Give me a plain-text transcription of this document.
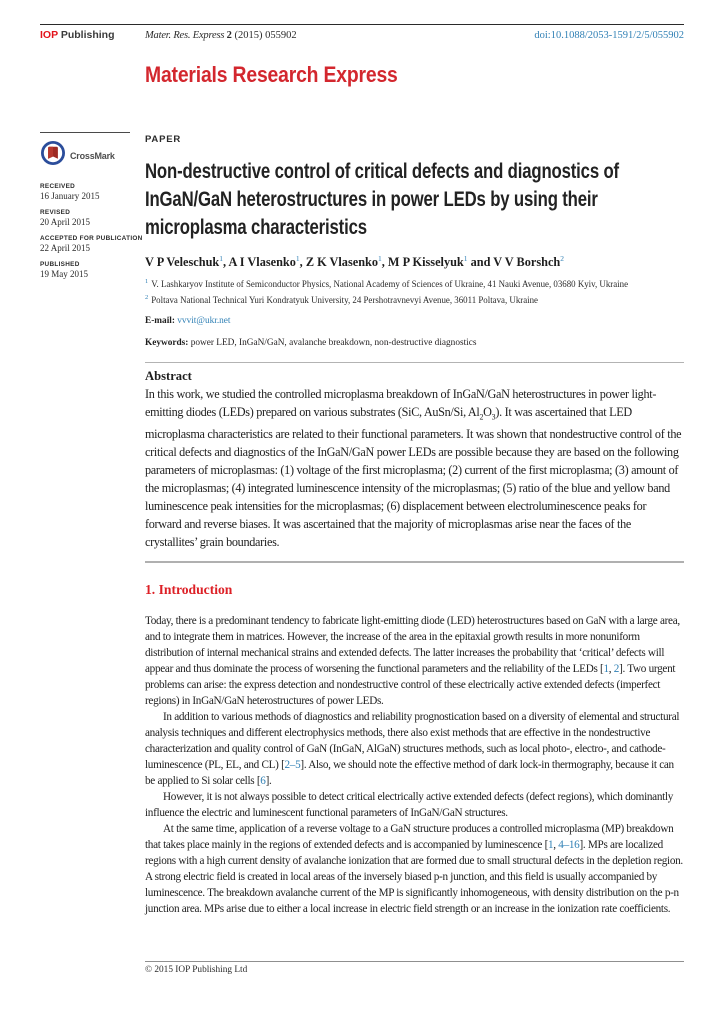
IOP Publishing	Mater. Res. Express 2 (2015) 055902	doi:10.1088/2053-1591/2/5/055902
Materials Research Express
CrossMark
RECEIVED
16 January 2015
REVISED
20 April 2015
ACCEPTED FOR PUBLICATION
22 April 2015
PUBLISHED
19 May 2015
PAPER
Non-destructive control of critical defects and diagnostics of InGaN/GaN heterostructures in power LEDs by using their microplasma characteristics
V P Veleschuk$^1$, A I Vlasenko$^1$, Z K Vlasenko$^1$, M P Kisselyuk$^1$ and V V Borshch$^2$
$^1$ V. Lashkaryov Institute of Semiconductor Physics, National Academy of Sciences of Ukraine, 41 Nauki Avenue, 03680 Kyiv, Ukraine
$^2$ Poltava National Technical Yuri Kondratyuk University, 24 Pershotravnevyi Avenue, 36011 Poltava, Ukraine
E-mail: vvvit@ukr.net
Keywords: power LED, InGaN/GaN, avalanche breakdown, non-destructive diagnostics
Abstract
In this work, we studied the controlled microplasma breakdown of InGaN/GaN heterostructures in power light-emitting diodes (LEDs) prepared on various substrates (SiC, AuSn/Si, $Al_2O_3$). It was ascertained that LED microplasma characteristics are related to their functional parameters. It was shown that nondestructive control of the critical defects and diagnostics of the InGaN/GaN power LEDs are possible because they are based on the following parameters of microplasmas: (1) voltage of the first microplasma; (2) current of the first microplasma; (3) amount of the microplasmas; (4) integrated luminescence intensity of the microplasmas; (5) ratio of the blue and yellow band luminescence peak intensities for the microplasmas; (6) displacement between electroluminescence peaks for forward and reverse biases. It was ascertained that the majority of microplasmas arise near the faces of the crystallites’ grain boundaries.
1. Introduction

Today, there is a predominant tendency to fabricate light-emitting diode (LED) heterostructures based on GaN with a large area, and to integrate them in matrices. However, the increase of the area in the epitaxial growth results in more nonuniform distribution of internal mechanical strains and extended defects. The latter increases the probability that ‘critical’ defects will appear and thus dominate the process of worsening the functional parameters and the reliability of the LEDs [1, 2]. Two urgent problems can arise: the express detection and nondestructive control of these electrically active extended defects (imperfect regions) in InGaN/GaN heterostructures of power LEDs.

In addition to various methods of diagnostics and reliability prognostication based on a diversity of elemental and structural analysis techniques and different electrophysics methods, there also exist methods that are effective in the nondestructive characterization and quality control of GaN (InGaN, AlGaN) structures methods, such as local photo-, electro-, and cathode-luminescence (PL, EL, and CL) [2–5]. Also, we should note the effective method of dark lock-in thermography, because it can be applied to Si solar cells [6].

However, it is not always possible to detect critical electrically active extended defects (defect regions), which dominantly influence the electric and luminescent functional parameters of InGaN/GaN structures.

At the same time, application of a reverse voltage to a GaN structure produces a controlled microplasma (MP) breakdown that takes place mainly in the regions of extended defects and is accompanied by luminescence [1, 4–16]. MPs are localized regions with a high current density of avalanche ionization that are formed due to small structural defects in the depletion region. A strong electric field is created in local areas of the inversely biased p-n junction, and this field is usually accompanied by luminescence. The breakdown avalanche current of the MP is significantly inhomogeneous, with density distribution on the p-n junction area. MPs arise due to either a local increase in electric field strength or an increase in the ionization rate coefficients.

© 2015 IOP Publishing Ltd
